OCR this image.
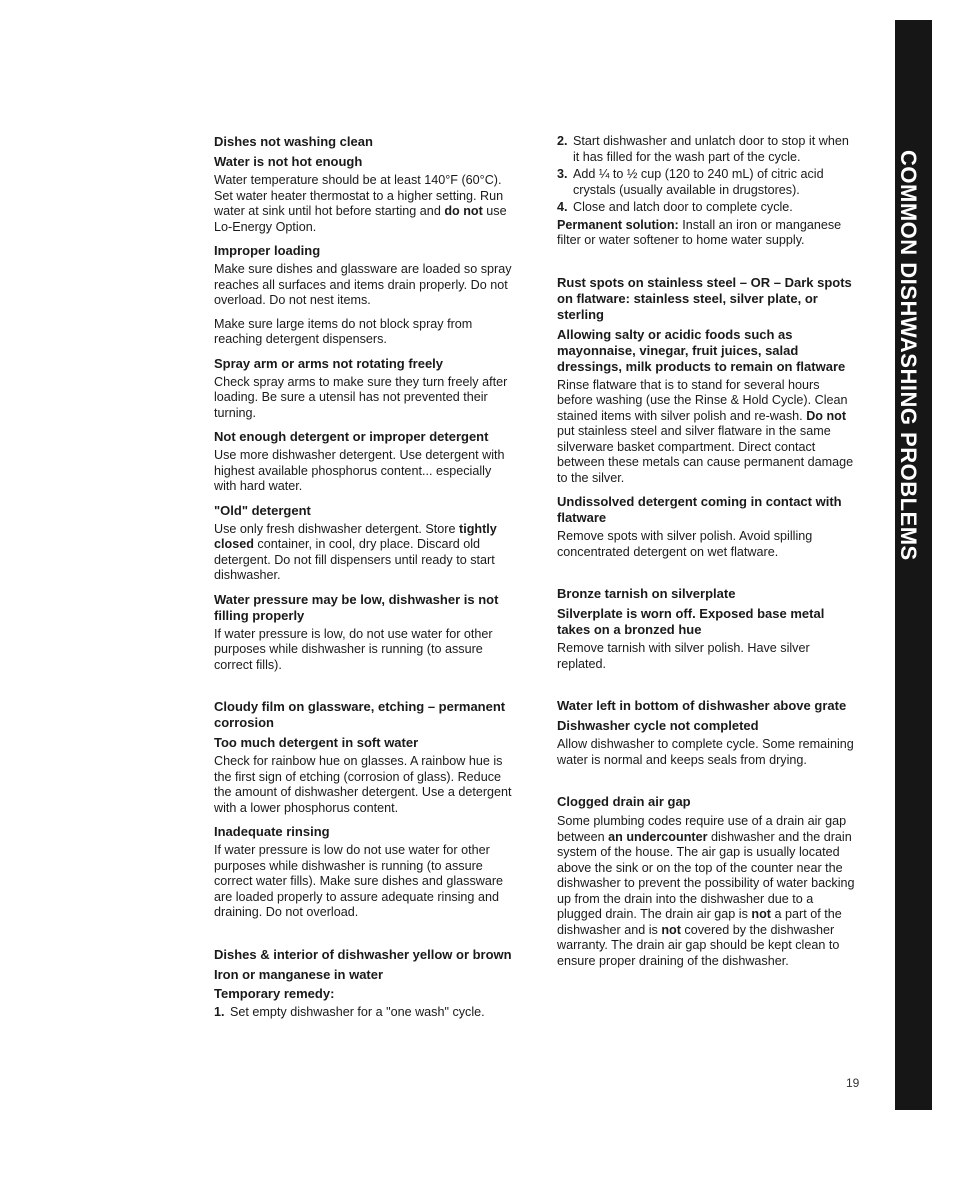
Dishes not washing clean
Water is not hot enough

Water temperature should be at least 140°F (60°C). Set water heater thermostat to a higher setting. Run water at sink until hot before starting and do not use Lo-Energy Option.

Improper loading

Make sure dishes and glassware are loaded so spray reaches all surfaces and items drain properly. Do not overload. Do not nest items.

Make sure large items do not block spray from reaching detergent dispensers.

Spray arm or arms not rotating freely

Check spray arms to make sure they turn freely after loading. Be sure a utensil has not prevented their turning.

Not enough detergent or improper detergent

Use more dishwasher detergent. Use detergent with highest available phosphorus content... especially with hard water.

"Old" detergent

Use only fresh dishwasher detergent. Store tightly closed container, in cool, dry place. Discard old detergent. Do not fill dispensers until ready to start dishwasher.

Water pressure may be low, dishwasher is not filling properly

If water pressure is low, do not use water for other purposes while dishwasher is running (to assure correct fills).

Cloudy film on glassware, etching – permanent corrosion
Too much detergent in soft water

Check for rainbow hue on glasses. A rainbow hue is the first sign of etching (corrosion of glass). Reduce the amount of dishwasher detergent. Use a detergent with a lower phosphorus content.

Inadequate rinsing

If water pressure is low do not use water for other purposes while dishwasher is running (to assure correct water fills). Make sure dishes and glassware are loaded properly to assure adequate rinsing and draining. Do not overload.

Dishes & interior of dishwasher yellow or brown
Iron or manganese in water
Temporary remedy:
1. Set empty dishwasher for a "one wash" cycle.
2. Start dishwasher and unlatch door to stop it when it has filled for the wash part of the cycle.
3. Add ¼ to ½ cup (120 to 240 mL) of citric acid crystals (usually available in drugstores).
4. Close and latch door to complete cycle.

Permanent solution: Install an iron or manganese filter or water softener to home water supply.

Rust spots on stainless steel – OR – Dark spots on flatware: stainless steel, silver plate, or sterling
Allowing salty or acidic foods such as mayonnaise, vinegar, fruit juices, salad dressings, milk products to remain on flatware

Rinse flatware that is to stand for several hours before washing (use the Rinse & Hold Cycle). Clean stained items with silver polish and re-wash. Do not put stainless steel and silver flatware in the same silverware basket compartment. Direct contact between these metals can cause permanent damage to the silver.

Undissolved detergent coming in contact with flatware

Remove spots with silver polish. Avoid spilling concentrated detergent on wet flatware.

Bronze tarnish on silverplate
Silverplate is worn off. Exposed base metal takes on a bronzed hue

Remove tarnish with silver polish. Have silver replated.

Water left in bottom of dishwasher above grate
Dishwasher cycle not completed

Allow dishwasher to complete cycle. Some remaining water is normal and keeps seals from drying.

Clogged drain air gap

Some plumbing codes require use of a drain air gap between an undercounter dishwasher and the drain system of the house. The air gap is usually located above the sink or on the top of the counter near the dishwasher to prevent the possibility of water backing up from the drain into the dishwasher due to a plugged drain. The drain air gap is not a part of the dishwasher and is not covered by the dishwasher warranty. The drain air gap should be kept clean to ensure proper draining of the dishwasher.

COMMON DISHWASHING PROBLEMS
19
